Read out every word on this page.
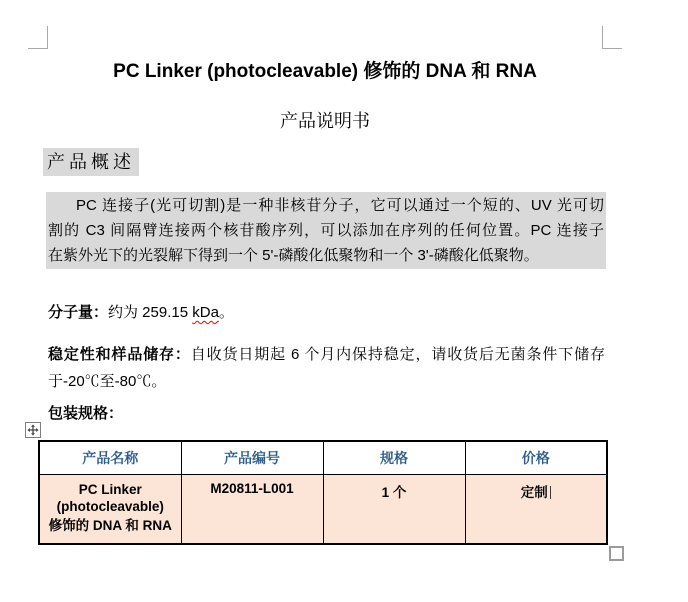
PC Linker (photocleavable) 修饰的 DNA 和 RNA
产品说明书
产品概述
PC 连接子(光可切割)是一种非核苷分子，它可以通过一个短的、UV 光可切
割的 C3 间隔臂连接两个核苷酸序列，可以添加在序列的任何位置。PC 连接子
在紫外光下的光裂解下得到一个 5'-磷酸化低聚物和一个 3'-磷酸化低聚物。
分子量：约为 259.15 kDa。
稳定性和样品储存：自收货日期起 6 个月内保持稳定，请收货后无菌条件下储存于-20℃至-80℃。
包装规格：
产品名称	产品编号	规格	价格

PC Linker
(photocleavable)
修饰的 DNA 和 RNA	M20811-L001	1 个	定制
